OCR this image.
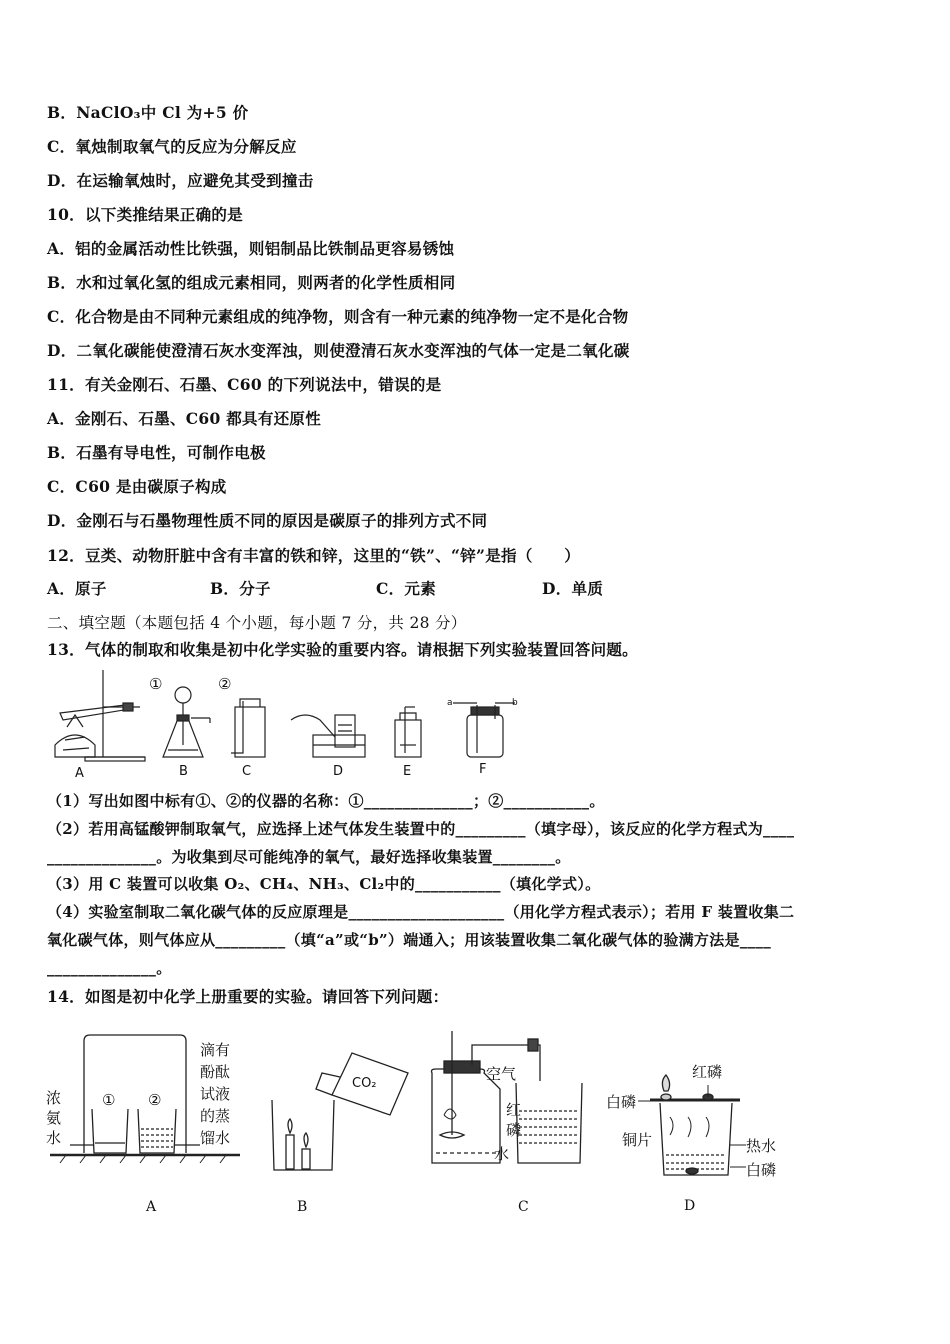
B．NaClO₃中 Cl 为+5 价
C．氧烛制取氧气的反应为分解反应
D．在运输氧烛时，应避免其受到撞击
10．以下类推结果正确的是
A．铝的金属活动性比铁强，则铝制品比铁制品更容易锈蚀
B．水和过氧化氢的组成元素相同，则两者的化学性质相同
C．化合物是由不同种元素组成的纯净物，则含有一种元素的纯净物一定不是化合物
D．二氧化碳能使澄清石灰水变浑浊，则使澄清石灰水变浑浊的气体一定是二氧化碳
11．有关金刚石、石墨、C60 的下列说法中，错误的是
A．金刚石、石墨、C60 都具有还原性
B．石墨有导电性，可制作电极
C．C60 是由碳原子构成
D．金刚石与石墨物理性质不同的原因是碳原子的排列方式不同
12．豆类、动物肝脏中含有丰富的铁和锌，这里的“铁”、“锌”是指（　　）
A．原子	B．分子	C．元素	D．单质
二、填空题（本题包括 4 个小题，每小题 7 分，共 28 分）
13．气体的制取和收集是初中化学实验的重要内容。请根据下列实验装置回答问题。
①	②
a	b
A	B	C	D	E	F
（1）写出如图中标有①、②的仪器的名称：①______________；②___________。
（2）若用高锰酸钾制取氧气，应选择上述气体发生装置中的_________（填字母），该反应的化学方程式为____
______________。为收集到尽可能纯净的氧气，最好选择收集装置________。
（3）用 C 装置可以收集 O₂、CH₄、NH₃、Cl₂中的___________（填化学式）。
（4）实验室制取二氧化碳气体的反应原理是____________________（用化学方程式表示）；若用 F 装置收集二
氧化碳气体，则气体应从_________（填“a”或“b”）端通入；用该装置收集二氧化碳气体的验满方法是____
______________。
14．如图是初中化学上册重要的实验。请回答下列问题：
浓
氨
水
滴有
酚酞
试液
的蒸
馏水
① ②
CO₂
空气
红
磷
水
红磷
白磷
铜片	热水
白磷
A	B	C	D
